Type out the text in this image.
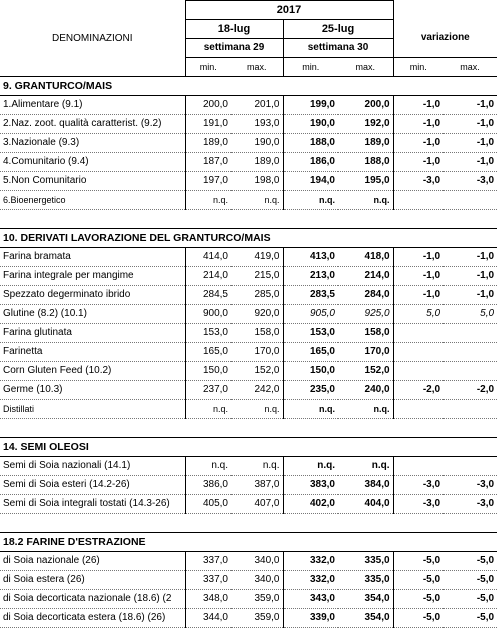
	2017					
DENOMINAZIONI	18-lug		25-lug		variazione	
	settimana 29		settimana 30			
	min.	max.	min.	max.	min.	max.
9. GRANTURCO/MAIS						
1.Alimentare (9.1)	200,0	201,0	199,0	200,0	-1,0	-1,0
2.Naz. zoot. qualità caratterist. (9.2)	191,0	193,0	190,0	192,0	-1,0	-1,0
3.Nazionale (9.3)	189,0	190,0	188,0	189,0	-1,0	-1,0
4.Comunitario (9.4)	187,0	189,0	186,0	188,0	-1,0	-1,0
5.Non Comunitario	197,0	198,0	194,0	195,0	-3,0	-3,0
6.Bioenergetico	n.q.	n.q.	n.q.	n.q.		

10. DERIVATI LAVORAZIONE DEL GRANTURCO/MAIS						
Farina bramata	414,0	419,0	413,0	418,0	-1,0	-1,0
Farina integrale per mangime	214,0	215,0	213,0	214,0	-1,0	-1,0
Spezzato degerminato ibrido	284,5	285,0	283,5	284,0	-1,0	-1,0
Glutine (8.2) (10.1)	900,0	920,0	905,0	925,0	5,0	5,0
Farina glutinata	153,0	158,0	153,0	158,0		
Farinetta	165,0	170,0	165,0	170,0		
Corn Gluten Feed (10.2)	150,0	152,0	150,0	152,0		
Germe (10.3)	237,0	242,0	235,0	240,0	-2,0	-2,0
Distillati	n.q.	n.q.	n.q.	n.q.		

14. SEMI OLEOSI						
Semi di Soia nazionali (14.1)	n.q.	n.q.	n.q.	n.q.		
Semi di Soia esteri (14.2-26)	386,0	387,0	383,0	384,0	-3,0	-3,0
Semi di Soia integrali tostati (14.3-26)	405,0	407,0	402,0	404,0	-3,0	-3,0

18.2 FARINE D'ESTRAZIONE						
di Soia nazionale (26)	337,0	340,0	332,0	335,0	-5,0	-5,0
di Soia estera (26)	337,0	340,0	332,0	335,0	-5,0	-5,0
di Soia decorticata nazionale (18.6) (2	348,0	359,0	343,0	354,0	-5,0	-5,0
di Soia decorticata estera (18.6) (26)	344,0	359,0	339,0	354,0	-5,0	-5,0
